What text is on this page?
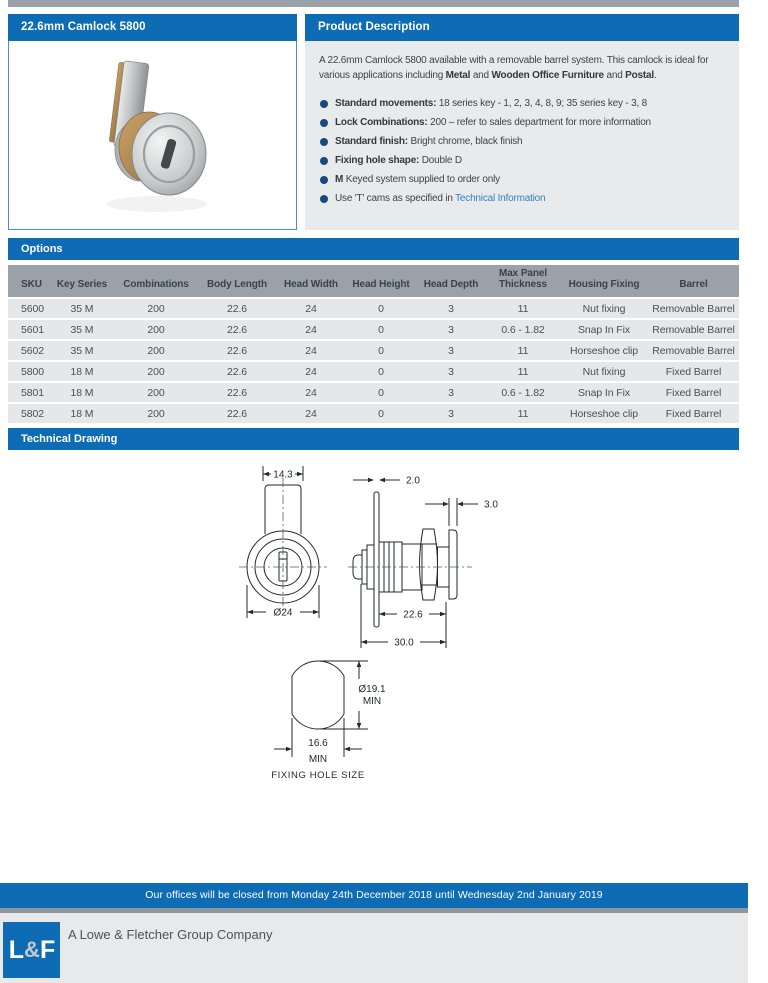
22.6mm Camlock 5800	Product Description

A 22.6mm Camlock 5800 available with a removable barrel system. This camlock is ideal for various applications including Metal and Wooden Office Furniture and Postal.

Standard movements: 18 series key - 1, 2, 3, 4, 8, 9; 35 series key - 3, 8
Lock Combinations: 200 – refer to sales department for more information
Standard finish: Bright chrome, black finish
Fixing hole shape: Double D
M Keyed system supplied to order only
Use 'T' cams as specified in Technical Information
Options
SKU	Key Series	Combinations	Body Length	Head Width	Head Height	Head Depth	Max Panel Thickness	Housing Fixing	Barrel
5600	35 M	200	22.6	24	0	3	11	Nut fixing	Removable Barrel
5601	35 M	200	22.6	24	0	3	0.6 - 1.82	Snap In Fix	Removable Barrel
5602	35 M	200	22.6	24	0	3	11	Horseshoe clip	Removable Barrel
5800	18 M	200	22.6	24	0	3	11	Nut fixing	Fixed Barrel
5801	18 M	200	22.6	24	0	3	0.6 - 1.82	Snap In Fix	Fixed Barrel
5802	18 M	200	22.6	24	0	3	11	Horseshoe clip	Fixed Barrel
Technical Drawing
14.3
Ø24
2.0
3.0
22.6
30.0
Ø19.1
MIN
16.6
MIN
FIXING HOLE SIZE
Our offices will be closed from Monday 24th December 2018 until Wednesday 2nd January 2019
L & F
A Lowe & Fletcher Group Company
